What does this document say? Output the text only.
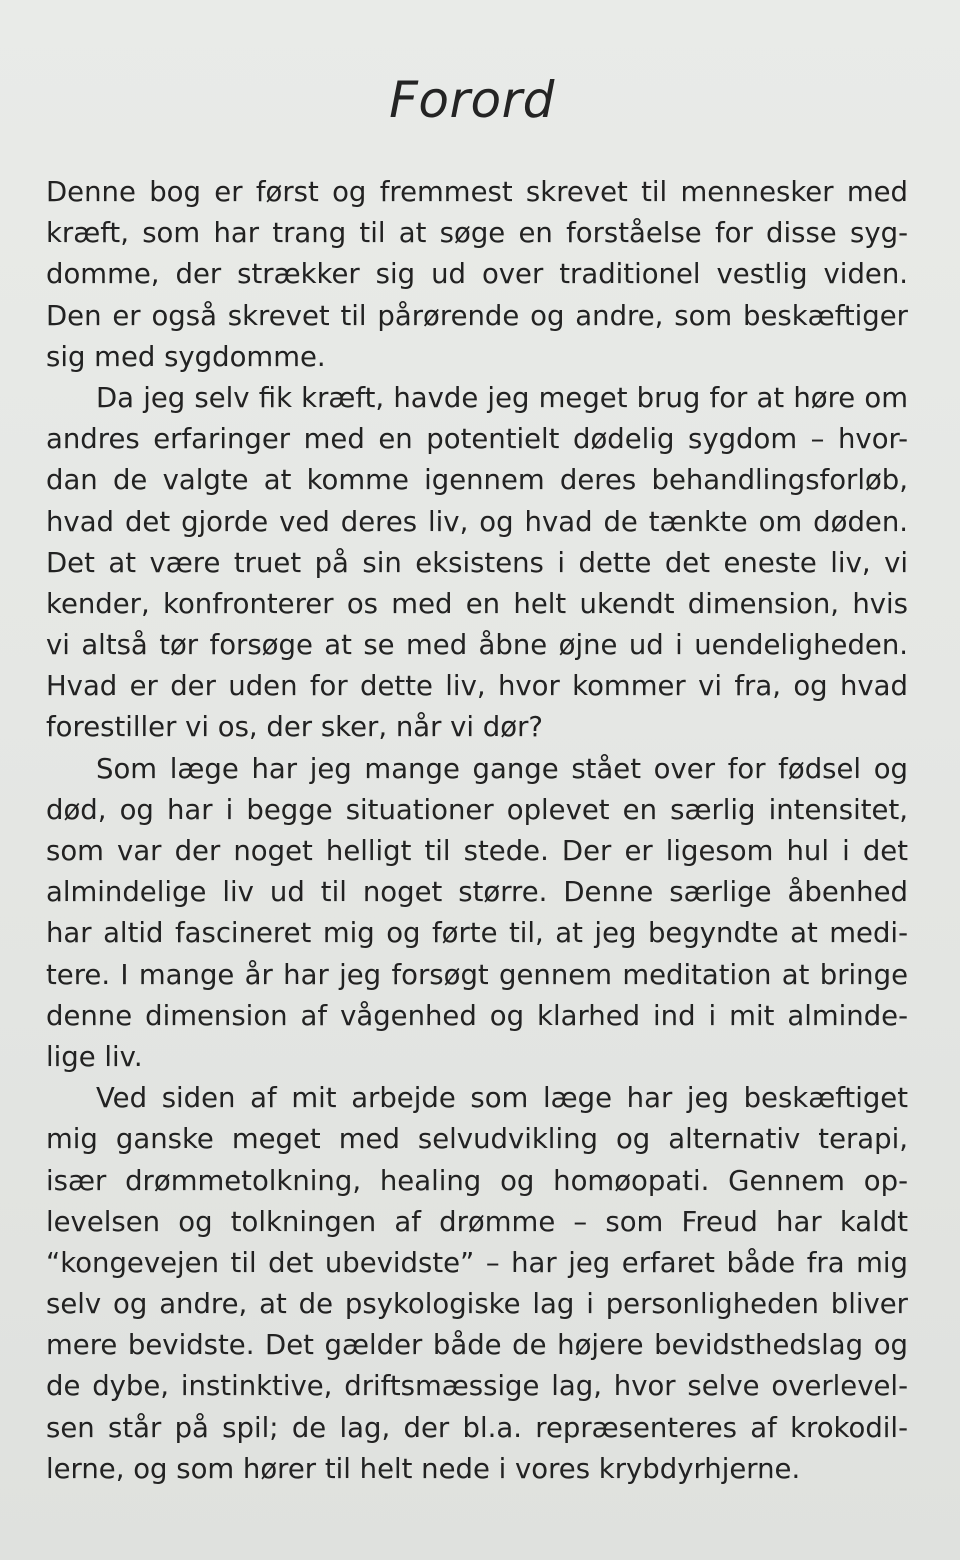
Forord
Denne bog er først og fremmest skrevet til mennesker med
kræft, som har trang til at søge en forståelse for disse syg-
domme, der strækker sig ud over traditionel vestlig viden.
Den er også skrevet til pårørende og andre, som beskæftiger
sig med sygdomme.
Da jeg selv fik kræft, havde jeg meget brug for at høre om
andres erfaringer med en potentielt dødelig sygdom – hvor-
dan de valgte at komme igennem deres behandlingsforløb,
hvad det gjorde ved deres liv, og hvad de tænkte om døden.
Det at være truet på sin eksistens i dette det eneste liv, vi
kender, konfronterer os med en helt ukendt dimension, hvis
vi altså tør forsøge at se med åbne øjne ud i uendeligheden.
Hvad er der uden for dette liv, hvor kommer vi fra, og hvad
forestiller vi os, der sker, når vi dør?
Som læge har jeg mange gange stået over for fødsel og
død, og har i begge situationer oplevet en særlig intensitet,
som var der noget helligt til stede. Der er ligesom hul i det
almindelige liv ud til noget større. Denne særlige åbenhed
har altid fascineret mig og førte til, at jeg begyndte at medi-
tere. I mange år har jeg forsøgt gennem meditation at bringe
denne dimension af vågenhed og klarhed ind i mit alminde-
lige liv.
Ved siden af mit arbejde som læge har jeg beskæftiget
mig ganske meget med selvudvikling og alternativ terapi,
især drømmetolkning, healing og homøopati. Gennem op-
levelsen og tolkningen af drømme – som Freud har kaldt
“kongevejen til det ubevidste” – har jeg erfaret både fra mig
selv og andre, at de psykologiske lag i personligheden bliver
mere bevidste. Det gælder både de højere bevidsthedslag og
de dybe, instinktive, driftsmæssige lag, hvor selve overlevel-
sen står på spil; de lag, der bl.a. repræsenteres af krokodil-
lerne, og som hører til helt nede i vores krybdyrhjerne.
